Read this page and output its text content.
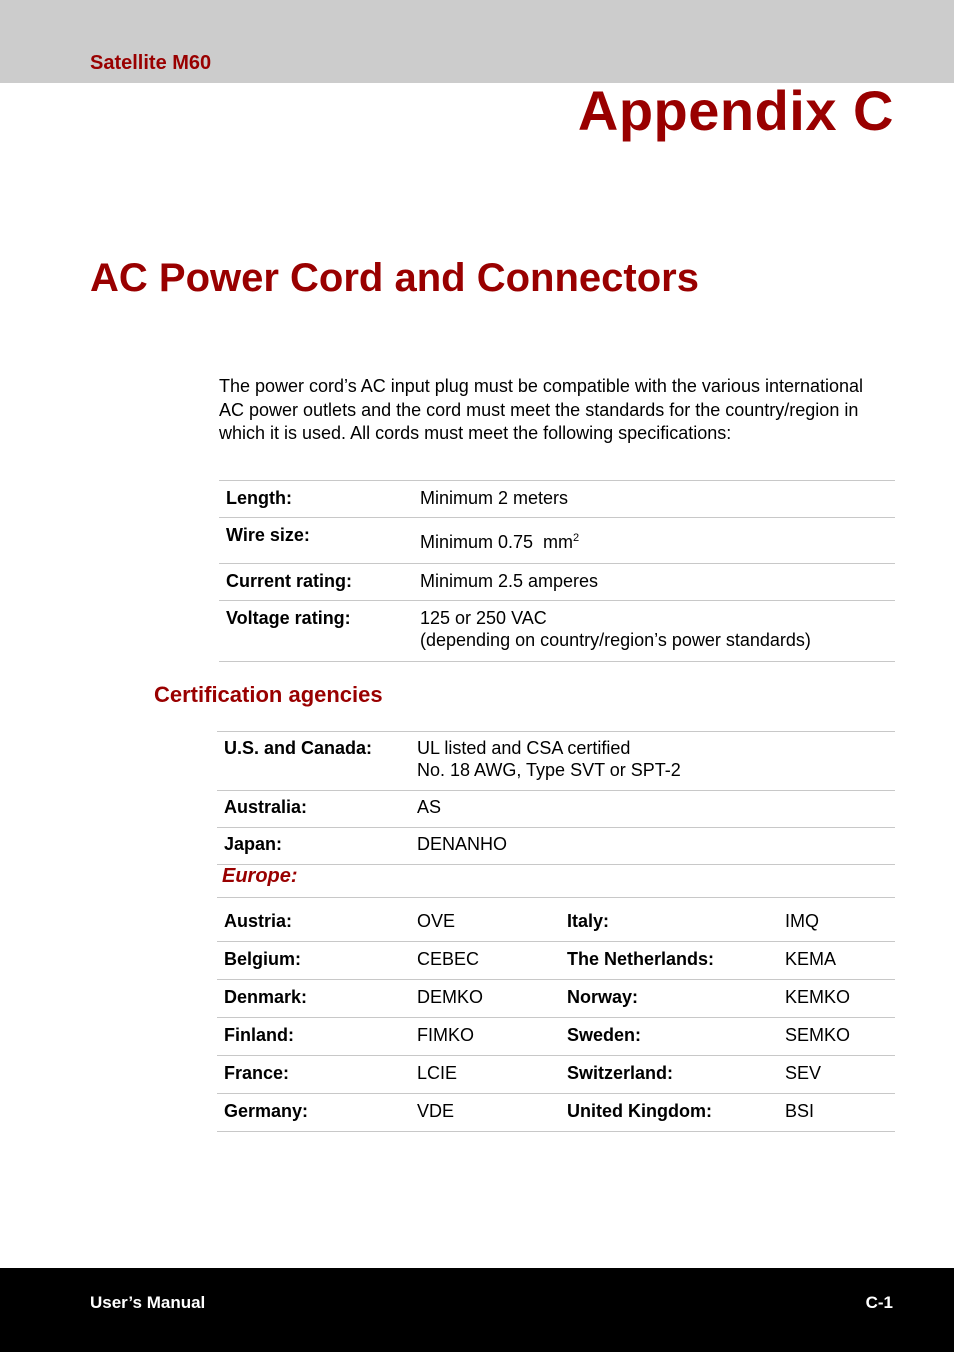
Satellite M60
Appendix C
AC Power Cord and Connectors

The power cord’s AC input plug must be compatible with the various international AC power outlets and the cord must meet the standards for the country/region in which it is used. All cords must meet the following specifications:

Length:	Minimum 2 meters
Wire size:	Minimum 0.75  $mm^2$
Current rating:	Minimum 2.5 amperes
Voltage rating:	125 or 250 VAC
(depending on country/region’s power standards)
Certification agencies
U.S. and Canada:	UL listed and CSA certified
No. 18 AWG, Type SVT or SPT-2

Australia:	AS
Japan:	DENANHO
Europe:	
Austria:	OVE	Italy:	IMQ
Belgium:	CEBEC	The Netherlands:	KEMA
Denmark:	DEMKO	Norway:	KEMKO
Finland:	FIMKO	Sweden:	SEMKO
France:	LCIE	Switzerland:	SEV
Germany:	VDE	United Kingdom:	BSI
User’s Manual	C-1
